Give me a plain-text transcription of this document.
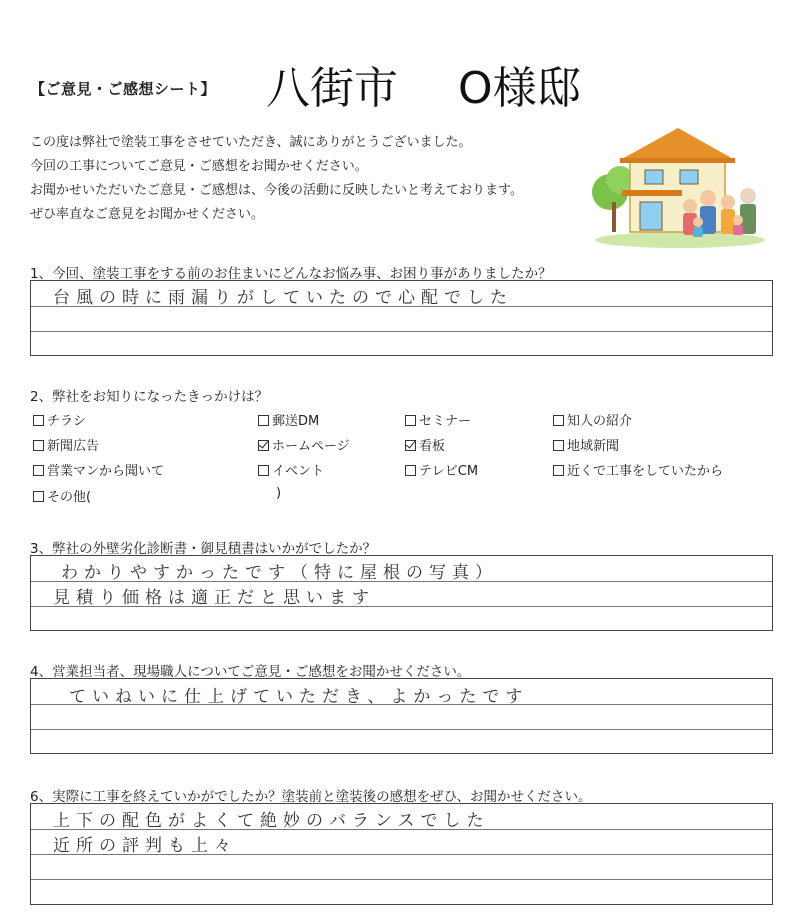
【ご意見・ご感想シート】 八街市 O様邸
この度は弊社で塗装工事をさせていただき、誠にありがとうございました。
今回の工事についてご意見・ご感想をお聞かせください。
お聞かせいただいたご意見・ご感想は、今後の活動に反映したいと考えております。
ぜひ率直なご意見をお聞かせください。
1、今回、塗装工事をする前のお住まいにどんなお悩み事、お困り事がありましたか？
台風の時に雨漏りがしていたので心配でした
2、弊社をお知りになったきっかけは？
チラシ	郵送DM	セミナー	知人の紹介
新聞広告	ホームページ	看板	地域新聞
営業マンから聞いて	イベント	テレビCM	近くで工事をしていたから
その他(	)
3、弊社の外壁劣化診断書・御見積書はいかがでしたか？
わかりやすかったです（特に屋根の写真）
見積り価格は適正だと思います
4、営業担当者、現場職人についてご意見・ご感想をお聞かせください。
ていねいに仕上げていただき、よかったです
6、実際に工事を終えていかがでしたか？塗装前と塗装後の感想をぜひ、お聞かせください。
上下の配色がよくて絶妙のバランスでした
近所の評判も上々
